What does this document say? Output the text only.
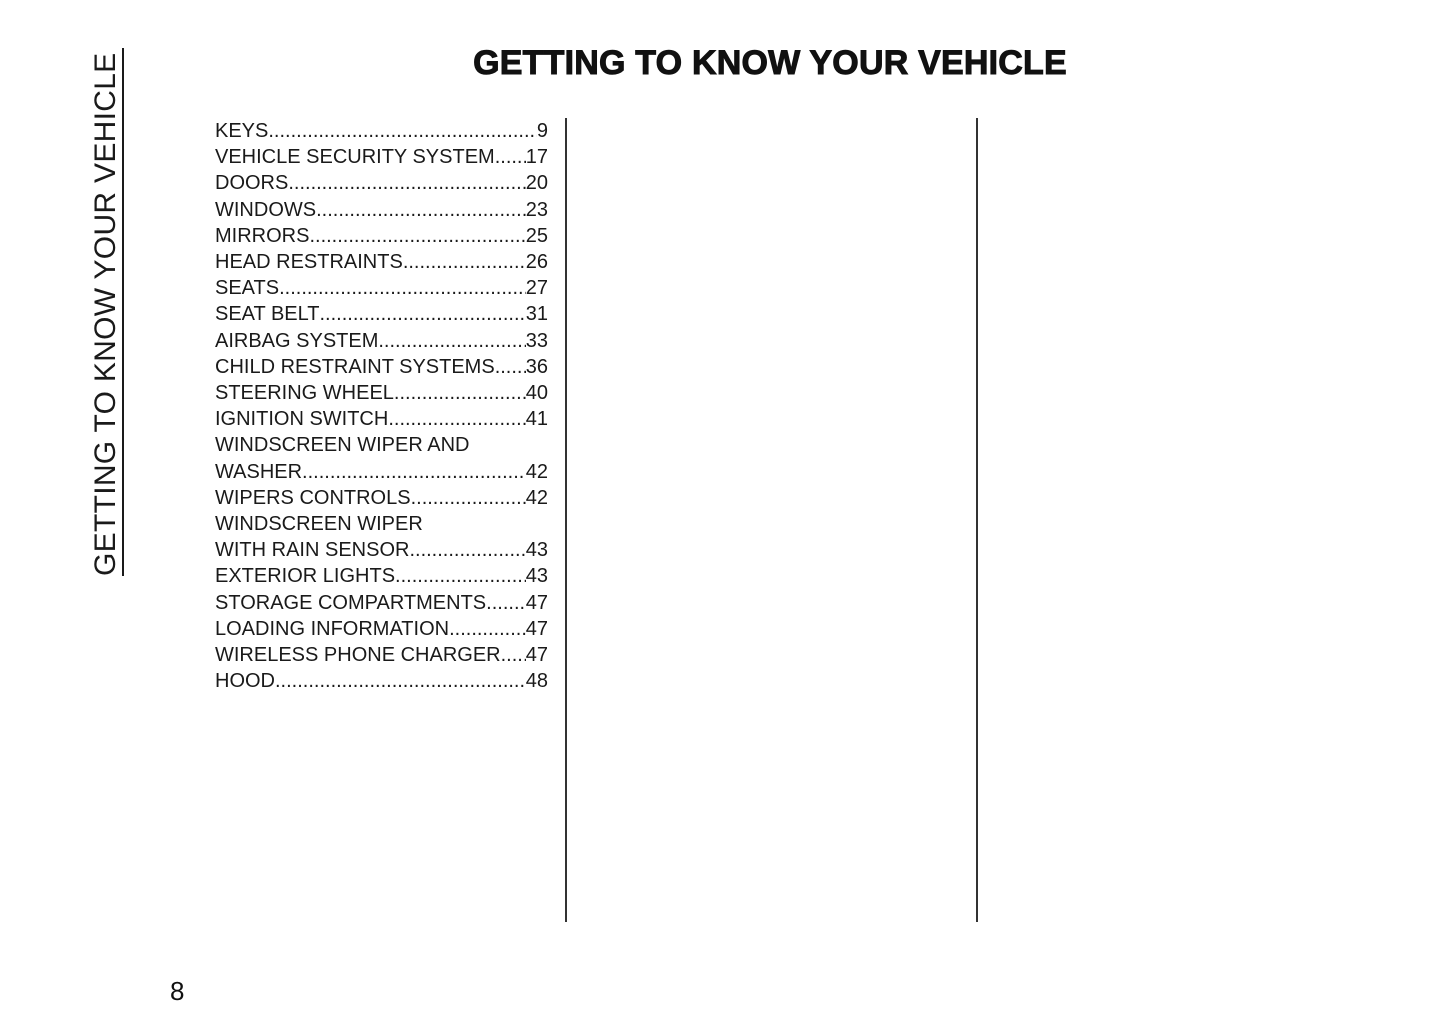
GETTING TO KNOW YOUR VEHICLE	GETTING TO KNOW YOUR VEHICLE
KEYS .....	9
VEHICLE SECURITY SYSTEM ..... 17
DOORS .....	20
WINDOWS .....	23
MIRRORS .....	25
HEAD RESTRAINTS .....	26
SEATS .....	27
SEAT BELT .....	31
AIRBAG SYSTEM .....	33
CHILD RESTRAINT SYSTEMS ..... 36
STEERING WHEEL .....	40
IGNITION SWITCH .....	41
WINDSCREEN WIPER AND
WASHER .....	42
WIPERS CONTROLS .....	42
WINDSCREEN WIPER
WITH RAIN SENSOR .....	43
EXTERIOR LIGHTS .....	43
STORAGE COMPARTMENTS ..... 47
LOADING INFORMATION .....	47
WIRELESS PHONE CHARGER ..... 47
HOOD .....	48
8
